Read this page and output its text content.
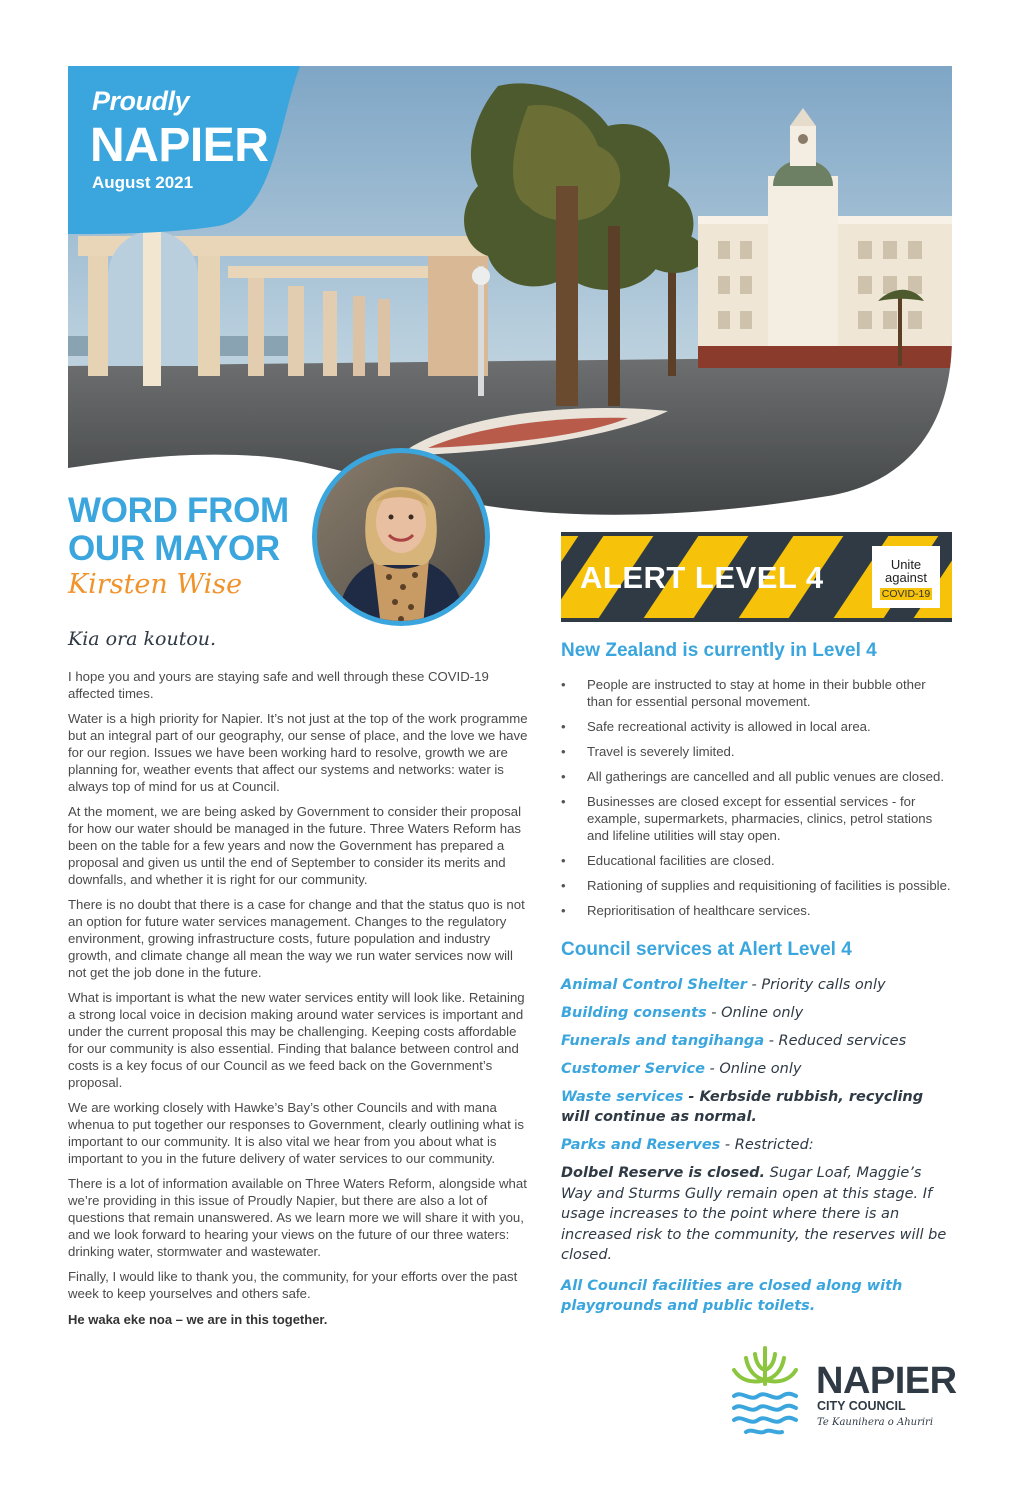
Proudly
NAPIER
August 2021
WORD FROM
OUR MAYOR
Kirsten Wise
Kia ora koutou.

I hope you and yours are staying safe and well through these COVID-19 affected times.

Water is a high priority for Napier. It’s not just at the top of the work programme but an integral part of our geography, our sense of place, and the love we have for our region. Issues we have been working hard to resolve, growth we are planning for, weather events that affect our systems and networks: water is always top of mind for us at Council.

At the moment, we are being asked by Government to consider their proposal for how our water should be managed in the future. Three Waters Reform has been on the table for a few years and now the Government has prepared a proposal and given us until the end of September to consider its merits and downfalls, and whether it is right for our community.

There is no doubt that there is a case for change and that the status quo is not an option for future water services management. Changes to the regulatory environment, growing infrastructure costs, future population and industry growth, and climate change all mean the way we run water services now will not get the job done in the future.

What is important is what the new water services entity will look like. Retaining a strong local voice in decision making around water services is important and under the current proposal this may be challenging. Keeping costs affordable for our community is also essential. Finding that balance between control and costs is a key focus of our Council as we feed back on the Government’s proposal.

We are working closely with Hawke’s Bay’s other Councils and with mana whenua to put together our responses to Government, clearly outlining what is important to our community. It is also vital we hear from you about what is important to you in the future delivery of water services to our community.

There is a lot of information available on Three Waters Reform, alongside what we’re providing in this issue of Proudly Napier, but there are also a lot of questions that remain unanswered. As we learn more we will share it with you, and we look forward to hearing your views on the future of our three waters: drinking water, stormwater and wastewater.

Finally, I would like to thank you, the community, for your efforts over the past week to keep yourselves and others safe.

He waka eke noa – we are in this together.

ALERT LEVEL 4	Unite
against
COVID-19
New Zealand is currently in Level 4
• People are instructed to stay at home in their bubble other than for essential personal movement.
• Safe recreational activity is allowed in local area.
• Travel is severely limited.
• All gatherings are cancelled and all public venues are closed.
• Businesses are closed except for essential services - for example, supermarkets, pharmacies, clinics, petrol stations and lifeline utilities will stay open.
• Educational facilities are closed.
• Rationing of supplies and requisitioning of facilities is possible.
• Reprioritisation of healthcare services.
Council services at Alert Level 4

Animal Control Shelter - Priority calls only

Building consents - Online only

Funerals and tangihanga - Reduced services

Customer Service - Online only

Waste services - Kerbside rubbish, recycling will continue as normal.

Parks and Reserves - Restricted:

Dolbel Reserve is closed. Sugar Loaf, Maggie’s Way and Sturms Gully remain open at this stage. If usage increases to the point where there is an increased risk to the community, the reserves will be closed.

All Council facilities are closed along with playgrounds and public toilets.

NAPIER
CITY COUNCIL
Te Kaunihera o Ahuriri
